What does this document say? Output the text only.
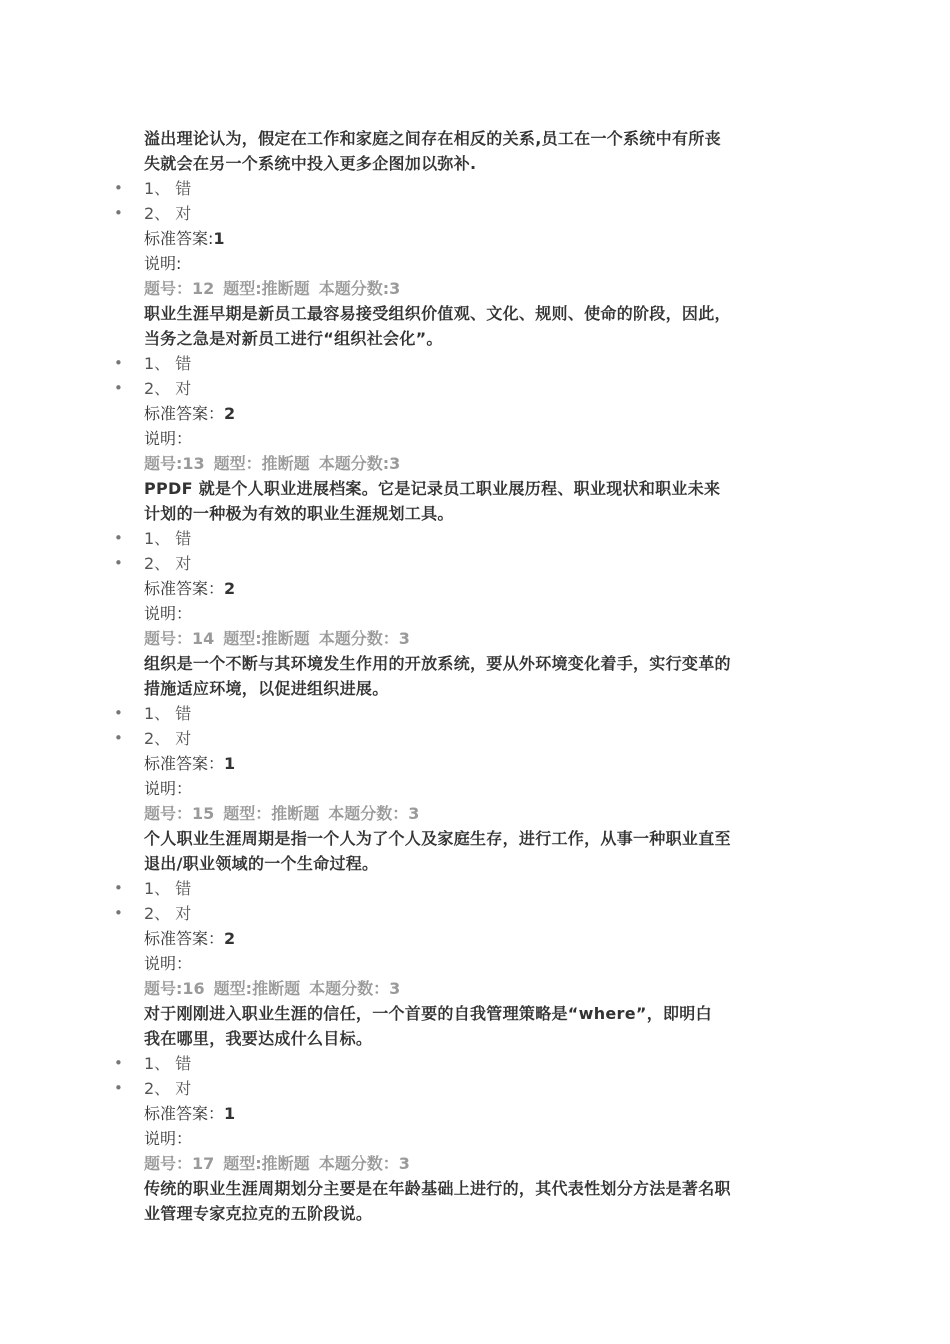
溢出理论认为，假定在工作和家庭之间存在相反的关系,员工在一个系统中有所丧
失就会在另一个系统中投入更多企图加以弥补.
• 1、 错
• 2、 对
标准答案:1
说明:
题号：12 题型:推断题 本题分数:3
职业生涯早期是新员工最容易接受组织价值观、文化、规则、使命的阶段，因此，
当务之急是对新员工进行“组织社会化”。
• 1、 错
• 2、 对
标准答案：2
说明：
题号:13 题型：推断题 本题分数:3
PPDF 就是个人职业进展档案。它是记录员工职业展历程、职业现状和职业未来
计划的一种极为有效的职业生涯规划工具。
• 1、 错
• 2、 对
标准答案：2
说明：
题号：14 题型:推断题 本题分数：3
组织是一个不断与其环境发生作用的开放系统，要从外环境变化着手，实行变革的
措施适应环境，以促进组织进展。
• 1、 错
• 2、 对
标准答案：1
说明：
题号：15 题型：推断题 本题分数：3
个人职业生涯周期是指一个人为了个人及家庭生存，进行工作，从事一种职业直至
退出/职业领域的一个生命过程。
• 1、 错
• 2、 对
标准答案：2
说明：
题号:16 题型:推断题 本题分数：3
对于刚刚进入职业生涯的信任，一个首要的自我管理策略是“where”，即明白
我在哪里，我要达成什么目标。
• 1、 错
• 2、 对
标准答案：1
说明：
题号：17 题型:推断题 本题分数：3
传统的职业生涯周期划分主要是在年龄基础上进行的，其代表性划分方法是著名职
业管理专家克拉克的五阶段说。
